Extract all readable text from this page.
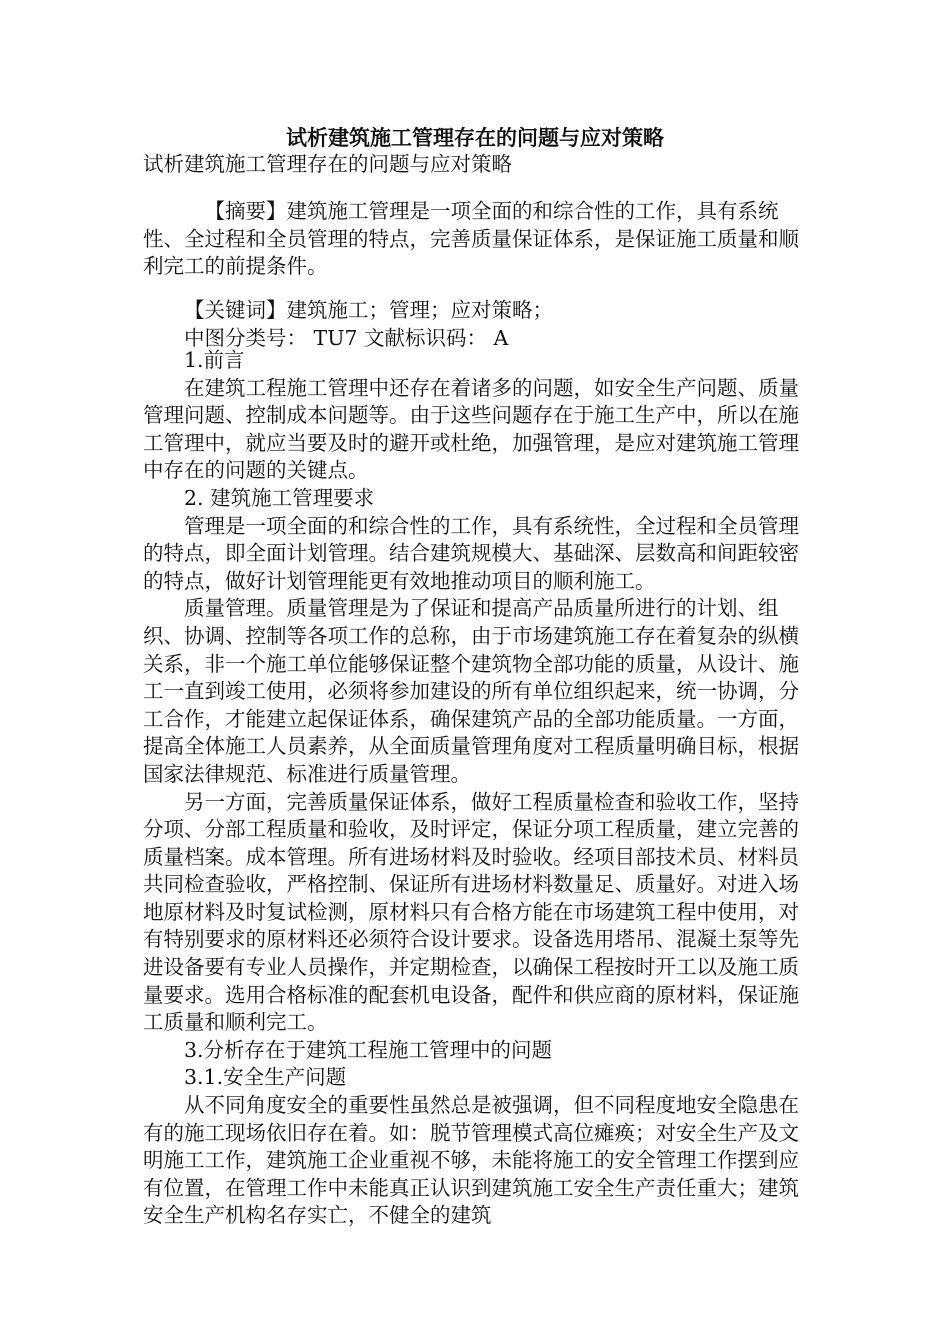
试析建筑施工管理存在的问题与应对策略

试析建筑施工管理存在的问题与应对策略

【摘要】建筑施工管理是一项全面的和综合性的工作，具有系统性、全过程和全员管理的特点，完善质量保证体系，是保证施工质量和顺利完工的前提条件。

【关键词】建筑施工；管理；应对策略；

中图分类号： TU7 文献标识码： A

1.前言

在建筑工程施工管理中还存在着诸多的问题，如安全生产问题、质量管理问题、控制成本问题等。由于这些问题存在于施工生产中，所以在施工管理中，就应当要及时的避开或杜绝，加强管理，是应对建筑施工管理中存在的问题的关键点。

2. 建筑施工管理要求

管理是一项全面的和综合性的工作，具有系统性，全过程和全员管理的特点，即全面计划管理。结合建筑规模大、基础深、层数高和间距较密的特点，做好计划管理能更有效地推动项目的顺利施工。

质量管理。质量管理是为了保证和提高产品质量所进行的计划、组织、协调、控制等各项工作的总称，由于市场建筑施工存在着复杂的纵横关系，非一个施工单位能够保证整个建筑物全部功能的质量，从设计、施工一直到竣工使用，必须将参加建设的所有单位组织起来，统一协调，分工合作，才能建立起保证体系，确保建筑产品的全部功能质量。一方面，提高全体施工人员素养，从全面质量管理角度对工程质量明确目标，根据国家法律规范、标准进行质量管理。

另一方面，完善质量保证体系，做好工程质量检查和验收工作，坚持分项、分部工程质量和验收，及时评定，保证分项工程质量，建立完善的质量档案。成本管理。所有进场材料及时验收。经项目部技术员、材料员共同检查验收，严格控制、保证所有进场材料数量足、质量好。对进入场地原材料及时复试检测，原材料只有合格方能在市场建筑工程中使用，对有特别要求的原材料还必须符合设计要求。设备选用塔吊、混凝土泵等先进设备要有专业人员操作，并定期检查，以确保工程按时开工以及施工质量要求。选用合格标准的配套机电设备，配件和供应商的原材料，保证施工质量和顺利完工。

3.分析存在于建筑工程施工管理中的问题

3.1.安全生产问题

从不同角度安全的重要性虽然总是被强调，但不同程度地安全隐患在有的施工现场依旧存在着。如：脱节管理模式高位瘫痪；对安全生产及文明施工工作，建筑施工企业重视不够，未能将施工的安全管理工作摆到应有位置，在管理工作中未能真正认识到建筑施工安全生产责任重大；建筑安全生产机构名存实亡，不健全的建筑
